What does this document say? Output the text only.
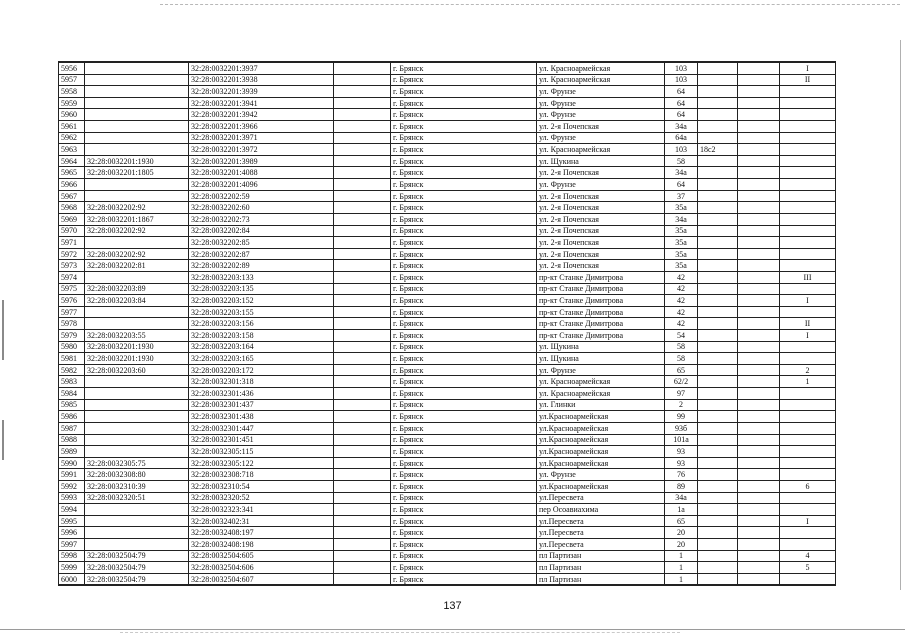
5956		32:28:0032201:3937		г. Брянск	ул. Красноармейская	103			I
5957		32:28:0032201:3938		г. Брянск	ул. Красноармейская	103			II
5958		32:28:0032201:3939		г. Брянск	ул. Фрунзе	64			
5959		32:28:0032201:3941		г. Брянск	ул. Фрунзе	64			
5960		32:28:0032201:3942		г. Брянск	ул. Фрунзе	64			
5961		32:28:0032201:3966		г. Брянск	ул. 2-я Почепская	34а			
5962		32:28:0032201:3971		г. Брянск	ул. Фрунзе	64а			
5963		32:28:0032201:3972		г. Брянск	ул. Красноармейская	103	18с2		
5964	32:28:0032201:1930	32:28:0032201:3989		г. Брянск	ул. Щукина	58			
5965	32:28:0032201:1805	32:28:0032201:4088		г. Брянск	ул. 2-я Почепская	34а			
5966		32:28:0032201:4096		г. Брянск	ул. Фрунзе	64			
5967		32:28:0032202:59		г. Брянск	ул. 2-я Почепская	37			
5968	32:28:0032202:92	32:28:0032202:60		г. Брянск	ул. 2-я Почепская	35а			
5969	32:28:0032201:1867	32:28:0032202:73		г. Брянск	ул. 2-я Почепская	34а			
5970	32:28:0032202:92	32:28:0032202:84		г. Брянск	ул. 2-я Почепская	35а			
5971		32:28:0032202:85		г. Брянск	ул. 2-я Почепская	35а			
5972	32:28:0032202:92	32:28:0032202:87		г. Брянск	ул. 2-я Почепская	35а			
5973	32:28:0032202:81	32:28:0032202:89		г. Брянск	ул. 2-я Почепская	35а			
5974		32:28:0032203:133		г. Брянск	пр-кт Станке Димитрова	42			III
5975	32:28:0032203:89	32:28:0032203:135		г. Брянск	пр-кт Станке Димитрова	42			
5976	32:28:0032203:84	32:28:0032203:152		г. Брянск	пр-кт Станке Димитрова	42			I
5977		32:28:0032203:155		г. Брянск	пр-кт Станке Димитрова	42			
5978		32:28:0032203:156		г. Брянск	пр-кт Станке Димитрова	42			II
5979	32:28:0032203:55	32:28:0032203:158		г. Брянск	пр-кт Станке Димитрова	54			I
5980	32:28:0032201:1930	32:28:0032203:164		г. Брянск	ул. Щукина	58			
5981	32:28:0032201:1930	32:28:0032203:165		г. Брянск	ул. Щукина	58			
5982	32:28:0032203:60	32:28:0032203:172		г. Брянск	ул. Фрунзе	65			2
5983		32:28:0032301:318		г. Брянск	ул. Красноармейская	62/2			1
5984		32:28:0032301:436		г. Брянск	ул. Красноармейская	97			
5985		32:28:0032301:437		г. Брянск	ул. Глинки	2			
5986		32:28:0032301:438		г. Брянск	ул.Красноармейская	99			
5987		32:28:0032301:447		г. Брянск	ул.Красноармейская	93б			
5988		32:28:0032301:451		г. Брянск	ул.Красноармейская	101а			
5989		32:28:0032305:115		г. Брянск	ул.Красноармейская	93			
5990	32:28:0032305:75	32:28:0032305:122		г. Брянск	ул.Красноармейская	93			
5991	32:28:0032308:80	32:28:0032308:718		г. Брянск	ул. Фрунзе	76			
5992	32:28:0032310:39	32:28:0032310:54		г. Брянск	ул.Красноармейская	89			6
5993	32:28:0032320:51	32:28:0032320:52		г. Брянск	ул.Пересвета	34а			
5994		32:28:0032323:341		г. Брянск	пер Осоавиахима	1а			
5995		32:28:0032402:31		г. Брянск	ул.Пересвета	65			I
5996		32:28:0032408:197		г. Брянск	ул.Пересвета	20			
5997		32:28:0032408:198		г. Брянск	ул.Пересвета	20			
5998	32:28:0032504:79	32:28:0032504:605		г. Брянск	пл Партизан	1			4
5999	32:28:0032504:79	32:28:0032504:606		г. Брянск	пл Партизан	1			5
6000	32:28:0032504:79	32:28:0032504:607		г. Брянск	пл Партизан	1			
137
